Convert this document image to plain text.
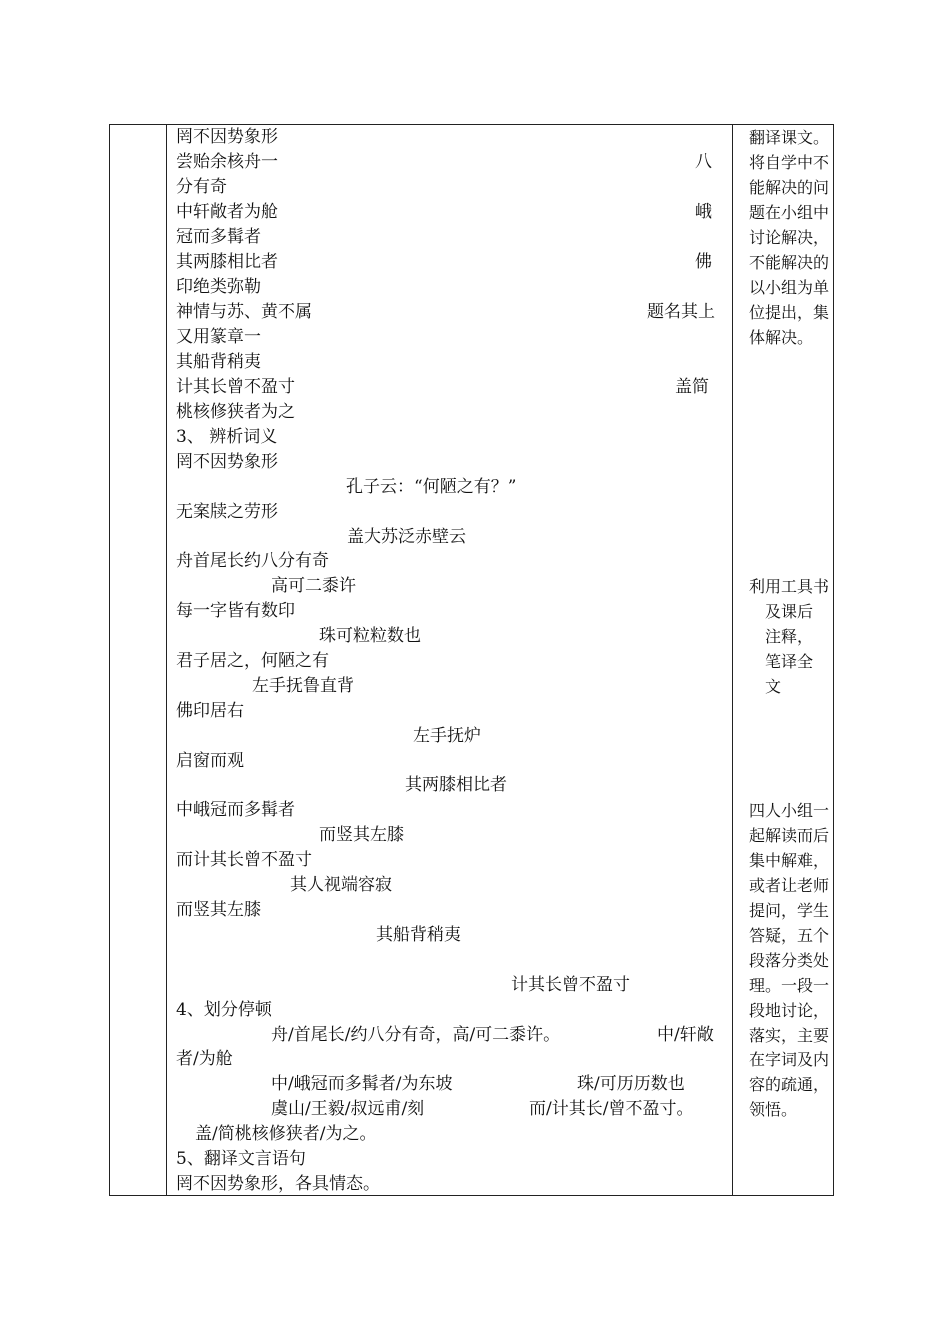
罔不因势象形
尝贻余核舟一	八
分有奇
中轩敞者为舱	峨
冠而多髯者
其两膝相比者	佛
印绝类弥勒
神情与苏、黄不属	题名其上
又用篆章一
其船背稍夷
计其长曾不盈寸	盖简
桃核修狭者为之
3、 辨析词义
罔不因势象形
孔子云：“何陋之有？”
无案牍之劳形
盖大苏泛赤壁云
舟首尾长约八分有奇
高可二黍许
每一字皆有数印
珠可粒粒数也
君子居之，何陋之有
左手抚鲁直背
佛印居右
左手抚炉
启窗而观
其两膝相比者
中峨冠而多髯者
而竖其左膝
而计其长曾不盈寸
其人视端容寂
而竖其左膝
其船背稍夷
计其长曾不盈寸
4、划分停顿
舟/首尾长/约八分有奇，高/可二黍许。	中/轩敞
者/为舱
中/峨冠而多髯者/为东坡	珠/可历历数也
虞山/王毅/叔远甫/刻	而/计其长/曾不盈寸。
盖/简桃核修狭者/为之。
5、翻译文言语句
罔不因势象形，各具情态。
翻译课文。
将自学中不
能解决的问
题在小组中
讨论解决，
不能解决的
以小组为单
位提出，集
体解决。
利用工具书
及课后
注释，
笔译全
文
四人小组一
起解读而后
集中解难，
或者让老师
提问，学生
答疑，五个
段落分类处
理。一段一
段地讨论，
落实，主要
在字词及内
容的疏通，
领悟。
